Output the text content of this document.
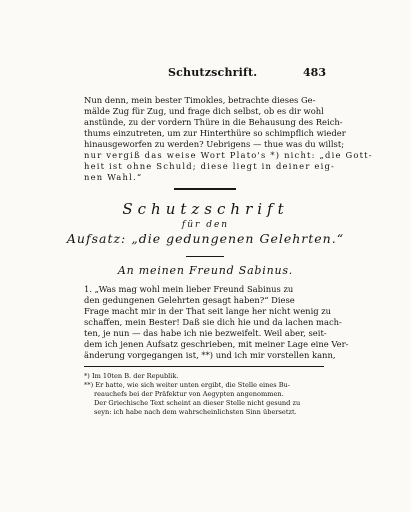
Schutzschrift.	483
Nun denn, mein bester Timokles, betrachte dieses Ge-
mälde Zug für Zug, und frage dich selbst, ob es dir wohl
anstünde, zu der vordern Thüre in die Behausung des Reich-
thums einzutreten, um zur Hinterthüre so schimpflich wieder
hinausgeworfen zu werden? Uebrigens — thue was du willst;
nur vergiß das weise Wort Plato's *) nicht: „die Gott-
heit ist ohne Schuld; diese liegt in deiner eig-
nen Wahl.“
Schutzschrift
für den
Aufsatz: „die gedungenen Gelehrten.“
An meinen Freund Sabinus.
1. „Was mag wohl mein lieber Freund Sabinus zu
den gedungenen Gelehrten gesagt haben?“ Diese
Frage macht mir in der That seit lange her nicht wenig zu
schaffen, mein Bester! Daß sie dich hie und da lachen mach-
ten, je nun — das habe ich nie bezweifelt. Weil aber, seit-
dem ich jenen Aufsatz geschrieben, mit meiner Lage eine Ver-
änderung vorgegangen ist, **) und ich mir vorstellen kann,
*) Im 10ten B. der Republik.
**) Er hatte, wie sich weiter unten ergibt, die Stelle eines Bu-
reauchefs bei der Präfektur von Aegypten angenommen.
Der Griechische Text scheint an dieser Stelle nicht gesund zu
seyn: ich habe nach dem wahrscheinlichsten Sinn übersetzt.
